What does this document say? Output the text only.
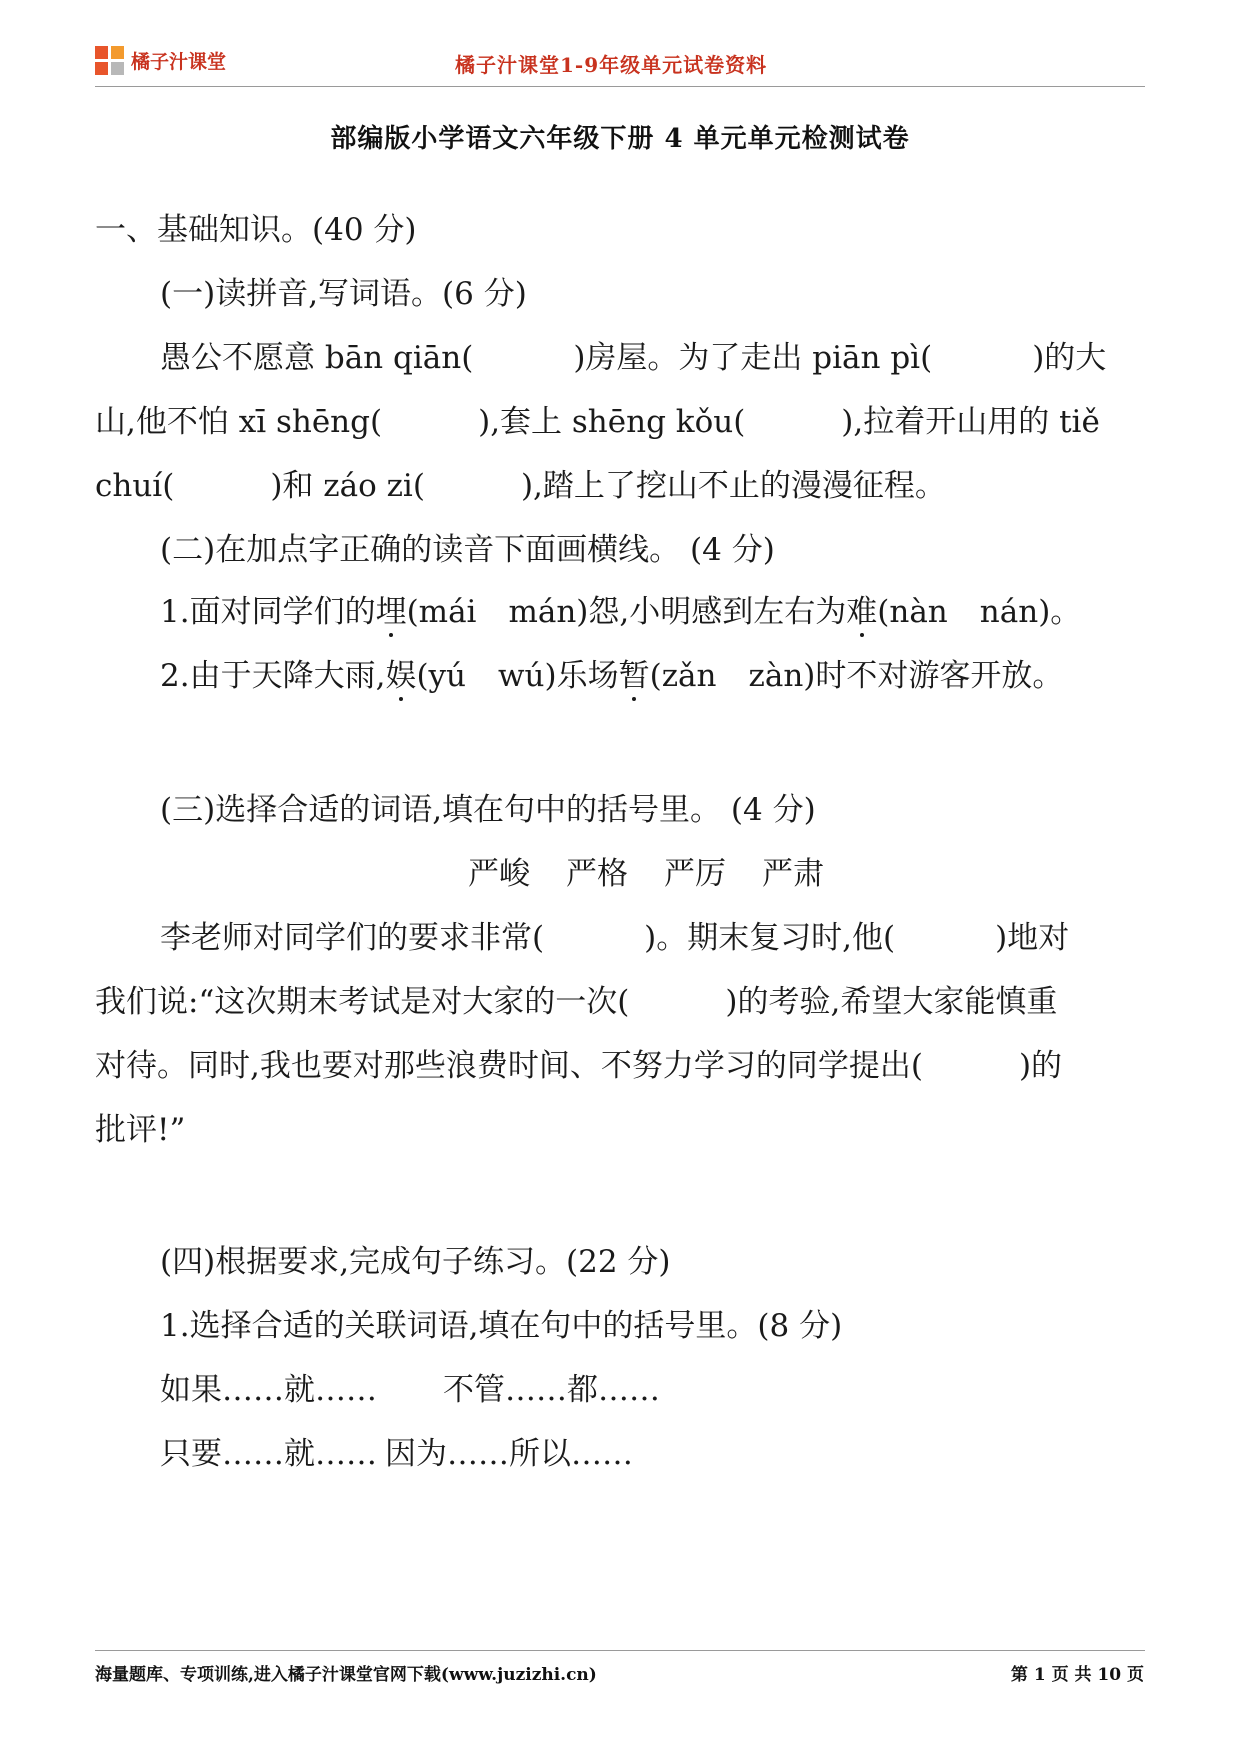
橘子汁课堂	橘子汁课堂1-9年级单元试卷资料
部编版小学语文六年级下册 4 单元单元检测试卷
一、基础知识。(40 分)
(一)读拼音,写词语。(6 分)
愚公不愿意 bān qiān(	)房屋。为了走出 piān pì(	)的大
山,他不怕 xī shēng(	),套上 shēng kǒu(	),拉着开山用的 tiě
chuí(	)和 záo zi(	),踏上了挖山不止的漫漫征程。
(二)在加点字正确的读音下面画横线。 (4 分)
1.面对同学们的埋(mái mán)怨,小明感到左右为难(nàn nán)。
2.由于天降大雨,娱(yú wú)乐场暂(zǎn zàn)时不对游客开放。
(三)选择合适的词语,填在句中的括号里。 (4 分)
严峻 严格 严厉 严肃
李老师对同学们的要求非常(	)。期末复习时,他(	)地对
我们说:“这次期末考试是对大家的一次(	)的考验,希望大家能慎重
对待。同时,我也要对那些浪费时间、不努力学习的同学提出(	)的
批评!”
(四)根据要求,完成句子练习。(22 分)
1.选择合适的关联词语,填在句中的括号里。(8 分)
如果……就…… 不管……都……
只要……就…… 因为……所以……
海量题库、专项训练,进入橘子汁课堂官网下载(www.juzizhi.cn)	第 1 页 共 10 页
